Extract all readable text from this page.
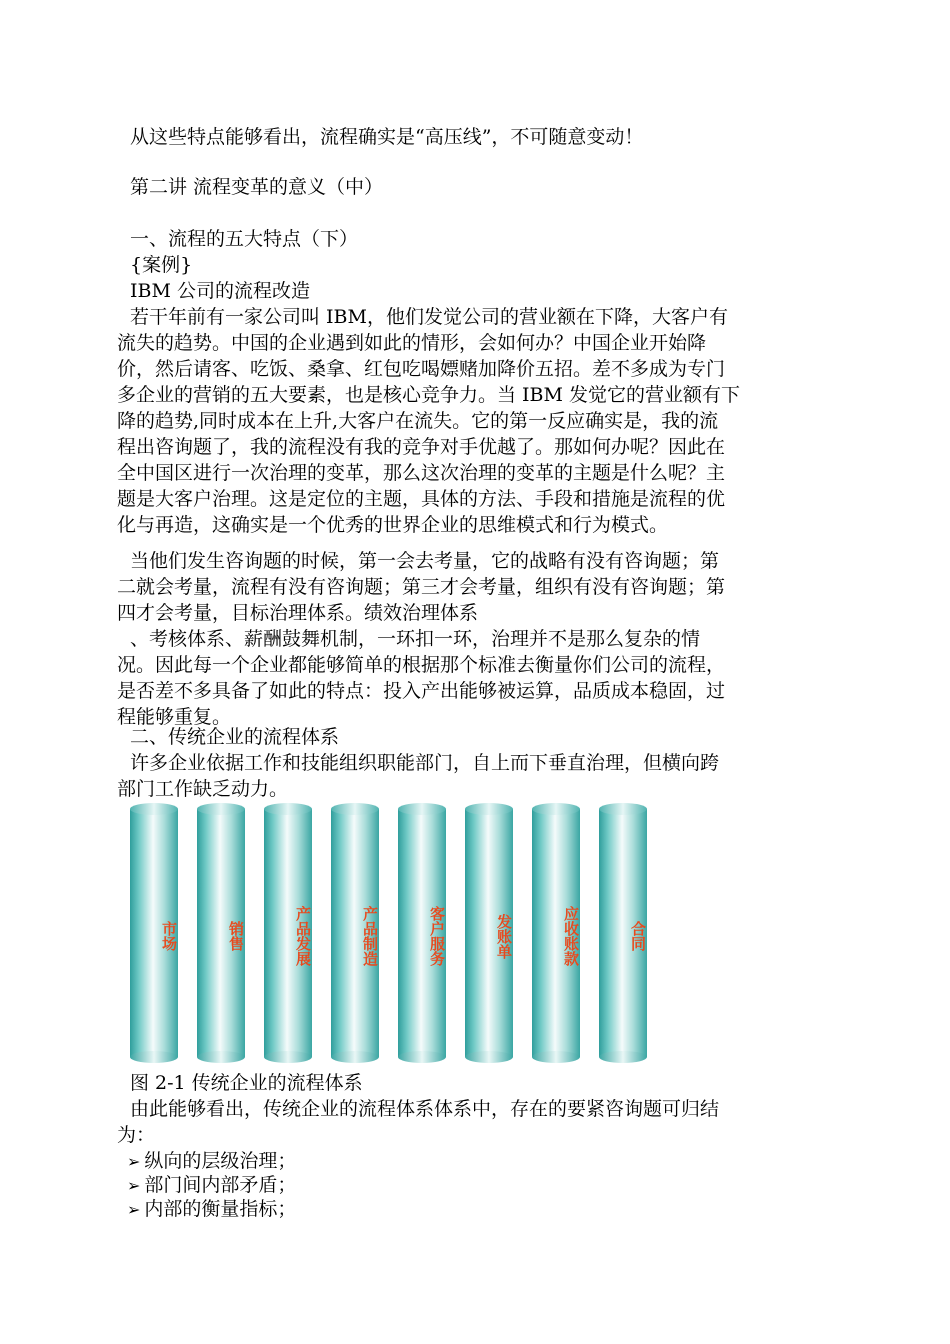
从这些特点能够看出，流程确实是“高压线”，不可随意变动！
第二讲 流程变革的意义（中）
一、流程的五大特点（下）
{案例}
IBM 公司的流程改造
若干年前有一家公司叫 IBM，他们发觉公司的营业额在下降，大客户有
流失的趋势。中国的企业遇到如此的情形，会如何办？中国企业开始降
价，然后请客、吃饭、桑拿、红包吃喝嫖赌加降价五招。差不多成为专门
多企业的营销的五大要素，也是核心竞争力。当 IBM 发觉它的营业额有下
降的趋势,同时成本在上升,大客户在流失。它的第一反应确实是，我的流
程出咨询题了，我的流程没有我的竞争对手优越了。那如何办呢？因此在
全中国区进行一次治理的变革，那么这次治理的变革的主题是什么呢？主
题是大客户治理。这是定位的主题，具体的方法、手段和措施是流程的优
化与再造，这确实是一个优秀的世界企业的思维模式和行为模式。
当他们发生咨询题的时候，第一会去考量，它的战略有没有咨询题；第
二就会考量，流程有没有咨询题；第三才会考量，组织有没有咨询题；第
四才会考量，目标治理体系。绩效治理体系
、考核体系、薪酬鼓舞机制，一环扣一环，治理并不是那么复杂的情
况。因此每一个企业都能够简单的根据那个标准去衡量你们公司的流程，
是否差不多具备了如此的特点：投入产出能够被运算，品质成本稳固，过
程能够重复。
二、传统企业的流程体系
许多企业依据工作和技能组织职能部门，自上而下垂直治理，但横向跨
部门工作缺乏动力。
市场	销售	产品发展	产品制造	客户服务	发账单	应收账款	合同
图 2-1 传统企业的流程体系
由此能够看出，传统企业的流程体系体系中，存在的要紧咨询题可归结
为：
➢ 纵向的层级治理；
➢ 部门间内部矛盾；
➢ 内部的衡量指标；
